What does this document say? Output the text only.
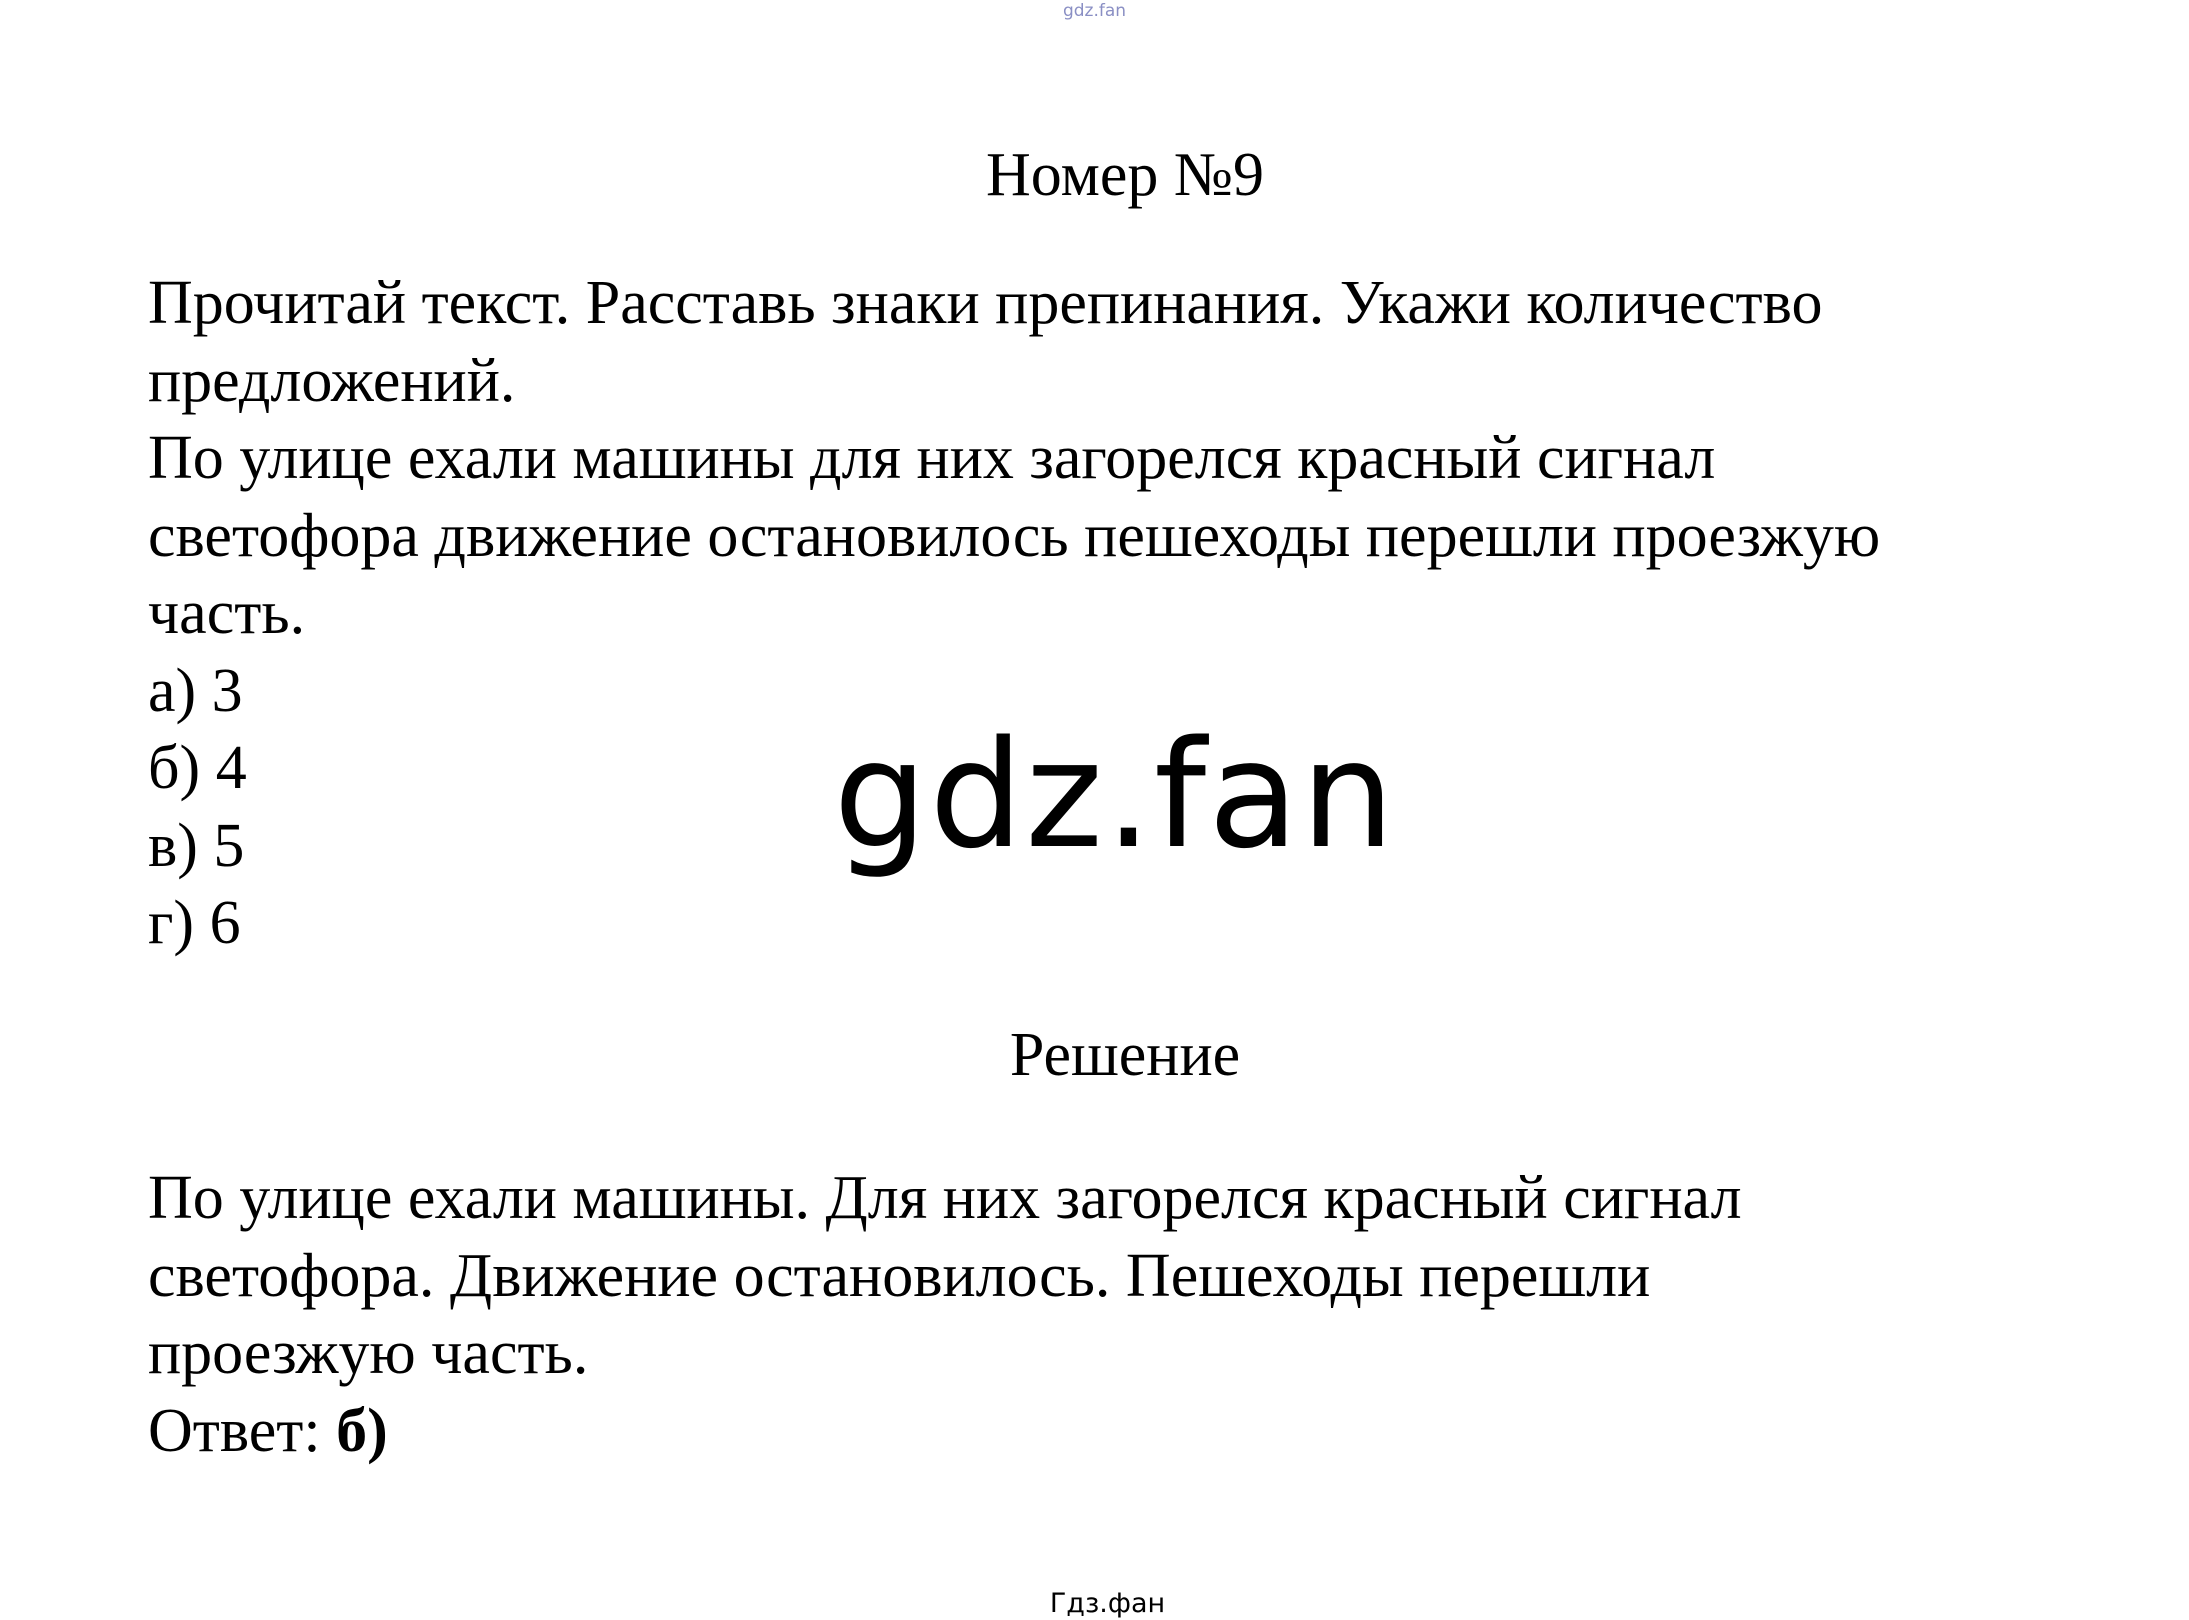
gdz.fan
Номер №9
Прочитай текст. Расставь знаки препинания. Укажи количество
предложений.
По улице ехали машины для них загорелся красный сигнал
светофора движение остановилось пешеходы перешли проезжую
часть.
а) 3
б) 4
в) 5
г) 6
gdz.fan
Решение
По улице ехали машины. Для них загорелся красный сигнал
светофора. Движение остановилось. Пешеходы перешли
проезжую часть.
Ответ: б)
Гдз.фан
